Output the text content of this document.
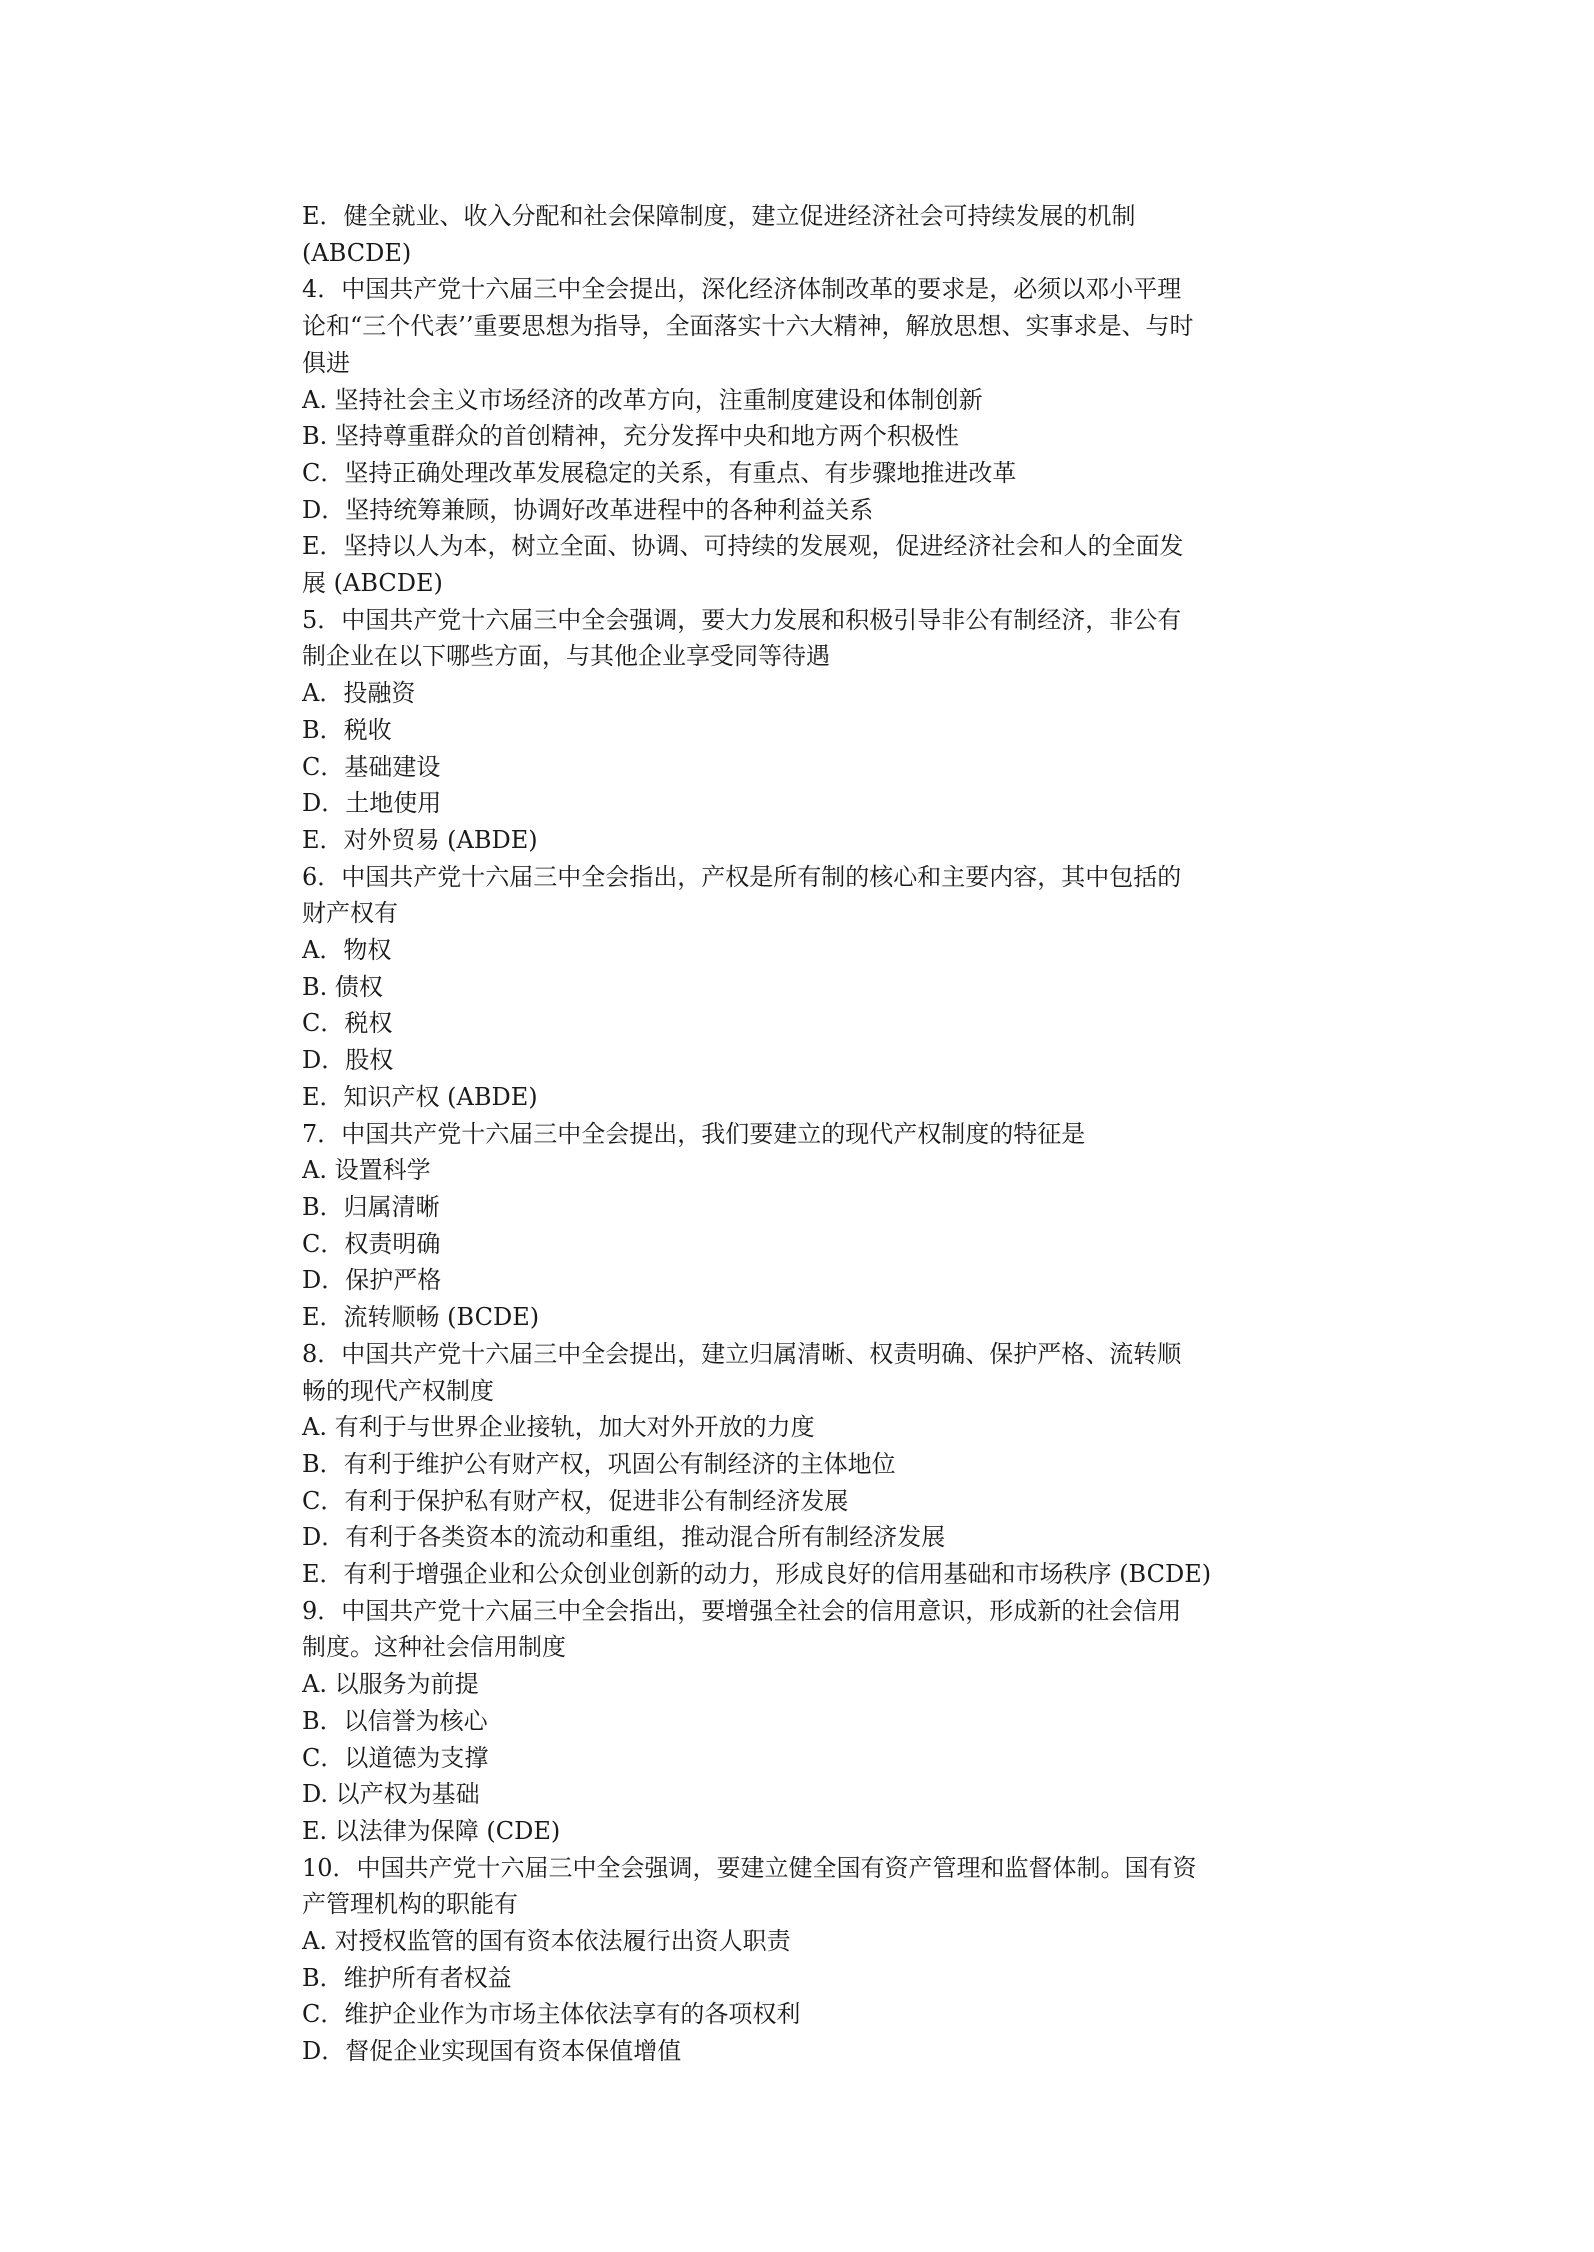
E．健全就业、收入分配和社会保障制度，建立促进经济社会可持续发展的机制

(ABCDE)

4．中国共产党十六届三中全会提出，深化经济体制改革的要求是，必须以邓小平理

论和“三个代表’’重要思想为指导，全面落实十六大精神，解放思想、实事求是、与时

俱进

A. 坚持社会主义市场经济的改革方向，注重制度建设和体制创新

B. 坚持尊重群众的首创精神，充分发挥中央和地方两个积极性

C．坚持正确处理改革发展稳定的关系，有重点、有步骤地推进改革

D．坚持统筹兼顾，协调好改革进程中的各种利益关系

E．坚持以人为本，树立全面、协调、可持续的发展观，促进经济社会和人的全面发

展 (ABCDE)

5．中国共产党十六届三中全会强调，要大力发展和积极引导非公有制经济，非公有

制企业在以下哪些方面，与其他企业享受同等待遇

A．投融资

B．税收

C．基础建设

D．土地使用

E．对外贸易 (ABDE)

6．中国共产党十六届三中全会指出，产权是所有制的核心和主要内容，其中包括的

财产权有

A．物权

B. 债权

C．税权

D．股权

E．知识产权 (ABDE)

7．中国共产党十六届三中全会提出，我们要建立的现代产权制度的特征是

A. 设置科学

B．归属清晰

C．权责明确

D．保护严格

E．流转顺畅 (BCDE)

8．中国共产党十六届三中全会提出，建立归属清晰、权责明确、保护严格、流转顺

畅的现代产权制度

A. 有利于与世界企业接轨，加大对外开放的力度

B．有利于维护公有财产权，巩固公有制经济的主体地位

C．有利于保护私有财产权，促进非公有制经济发展

D．有利于各类资本的流动和重组，推动混合所有制经济发展

E．有利于增强企业和公众创业创新的动力，形成良好的信用基础和市场秩序 (BCDE)

9．中国共产党十六届三中全会指出，要增强全社会的信用意识，形成新的社会信用

制度。这种社会信用制度

A. 以服务为前提

B．以信誉为核心

C．以道德为支撑

D. 以产权为基础

E. 以法律为保障 (CDE)

10．中国共产党十六届三中全会强调，要建立健全国有资产管理和监督体制。国有资

产管理机构的职能有

A. 对授权监管的国有资本依法履行出资人职责

B．维护所有者权益

C．维护企业作为市场主体依法享有的各项权利

D．督促企业实现国有资本保值增值
